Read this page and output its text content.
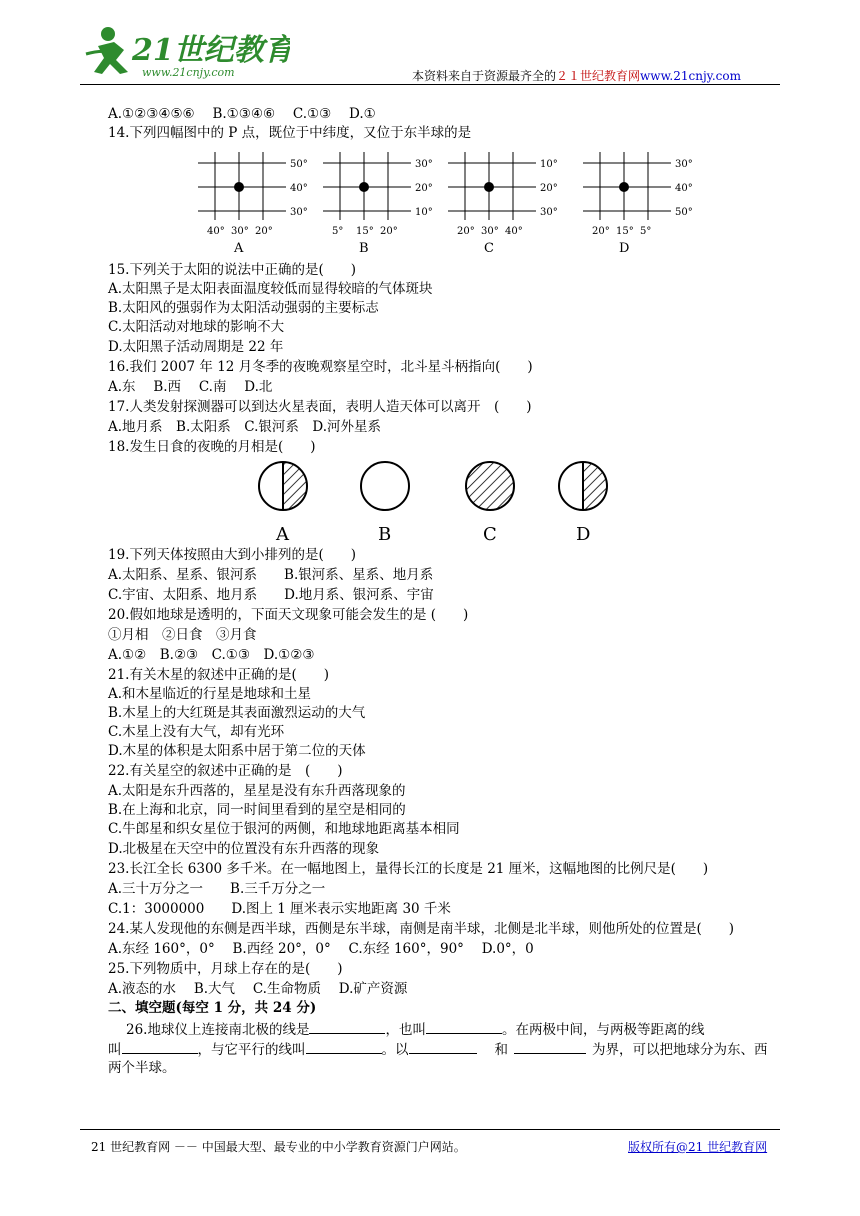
21世纪教育
www.21cnjy.com	本资料来自于资源最齐全的２１世纪教育网www.21cnjy.com
A.①②③④⑤⑥　 B.①③④⑥　 C.①③　 D.①
14.下列四幅图中的 P 点，既位于中纬度，又位于东半球的是
50°
40°
30°
40° 30° 20°
A
30°
20°
10°
5° 15° 20°
B
10°
20°
30°
20° 30° 40°
C
30°
40°
50°
20° 15° 5°
D
15.下列关于太阳的说法中正确的是(　　)
A.太阳黑子是太阳表面温度较低而显得较暗的气体斑块
B.太阳风的强弱作为太阳活动强弱的主要标志
C.太阳活动对地球的影响不大
D.太阳黑子活动周期是 22 年
16.我们 2007 年 12 月冬季的夜晚观察星空时，北斗星斗柄指向(　　)
A.东　 B.西　 C.南　 D.北
17.人类发射探测器可以到达火星表面，表明人造天体可以离开　(　　)
A.地月系　B.太阳系　C.银河系　D.河外星系
18.发生日食的夜晚的月相是(　　)
A	B	C	D
19.下列天体按照由大到小排列的是(　　)
A.太阳系、星系、银河系　　B.银河系、星系、地月系
C.宇宙、太阳系、地月系　　D.地月系、银河系、宇宙
20.假如地球是透明的，下面天文现象可能会发生的是 (　　)
①月相　②日食　③月食
A.①②　B.②③　C.①③　D.①②③
21.有关木星的叙述中正确的是(　　)
A.和木星临近的行星是地球和土星
B.木星上的大红斑是其表面激烈运动的大气
C.木星上没有大气，却有光环
D.木星的体积是太阳系中居于第二位的天体
22.有关星空的叙述中正确的是　(　　)
A.太阳是东升西落的，星星是没有东升西落现象的
B.在上海和北京，同一时间里看到的星空是相同的
C.牛郎星和织女星位于银河的两侧，和地球地距离基本相同
D.北极星在天空中的位置没有东升西落的现象
23.长江全长 6300 多千米。在一幅地图上，量得长江的长度是 21 厘米，这幅地图的比例尺是(　　)
A.三十万分之一　　B.三千万分之一
C.1：3000000　　D.图上 1 厘米表示实地距离 30 千米
24.某人发现他的东侧是西半球，西侧是东半球，南侧是南半球，北侧是北半球，则他所处的位置是(　　)
A.东经 160°，0°　 B.西经 20°，0°　 C.东经 160°，90°　 D.0°，0
25.下列物质中，月球上存在的是(　　)
A.液态的水　 B.大气　 C.生命物质　 D.矿产资源
二、填空题(每空 1 分，共 24 分)
26.地球仪上连接南北极的线是	，也叫	。在两极中间，与两极等距离的线
叫	，与它平行的线叫	。以	和	为界，可以把地球分为东、西
两个半球。
21 世纪教育网 －－ 中国最大型、最专业的中小学教育资源门户网站。	版权所有@21 世纪教育网
